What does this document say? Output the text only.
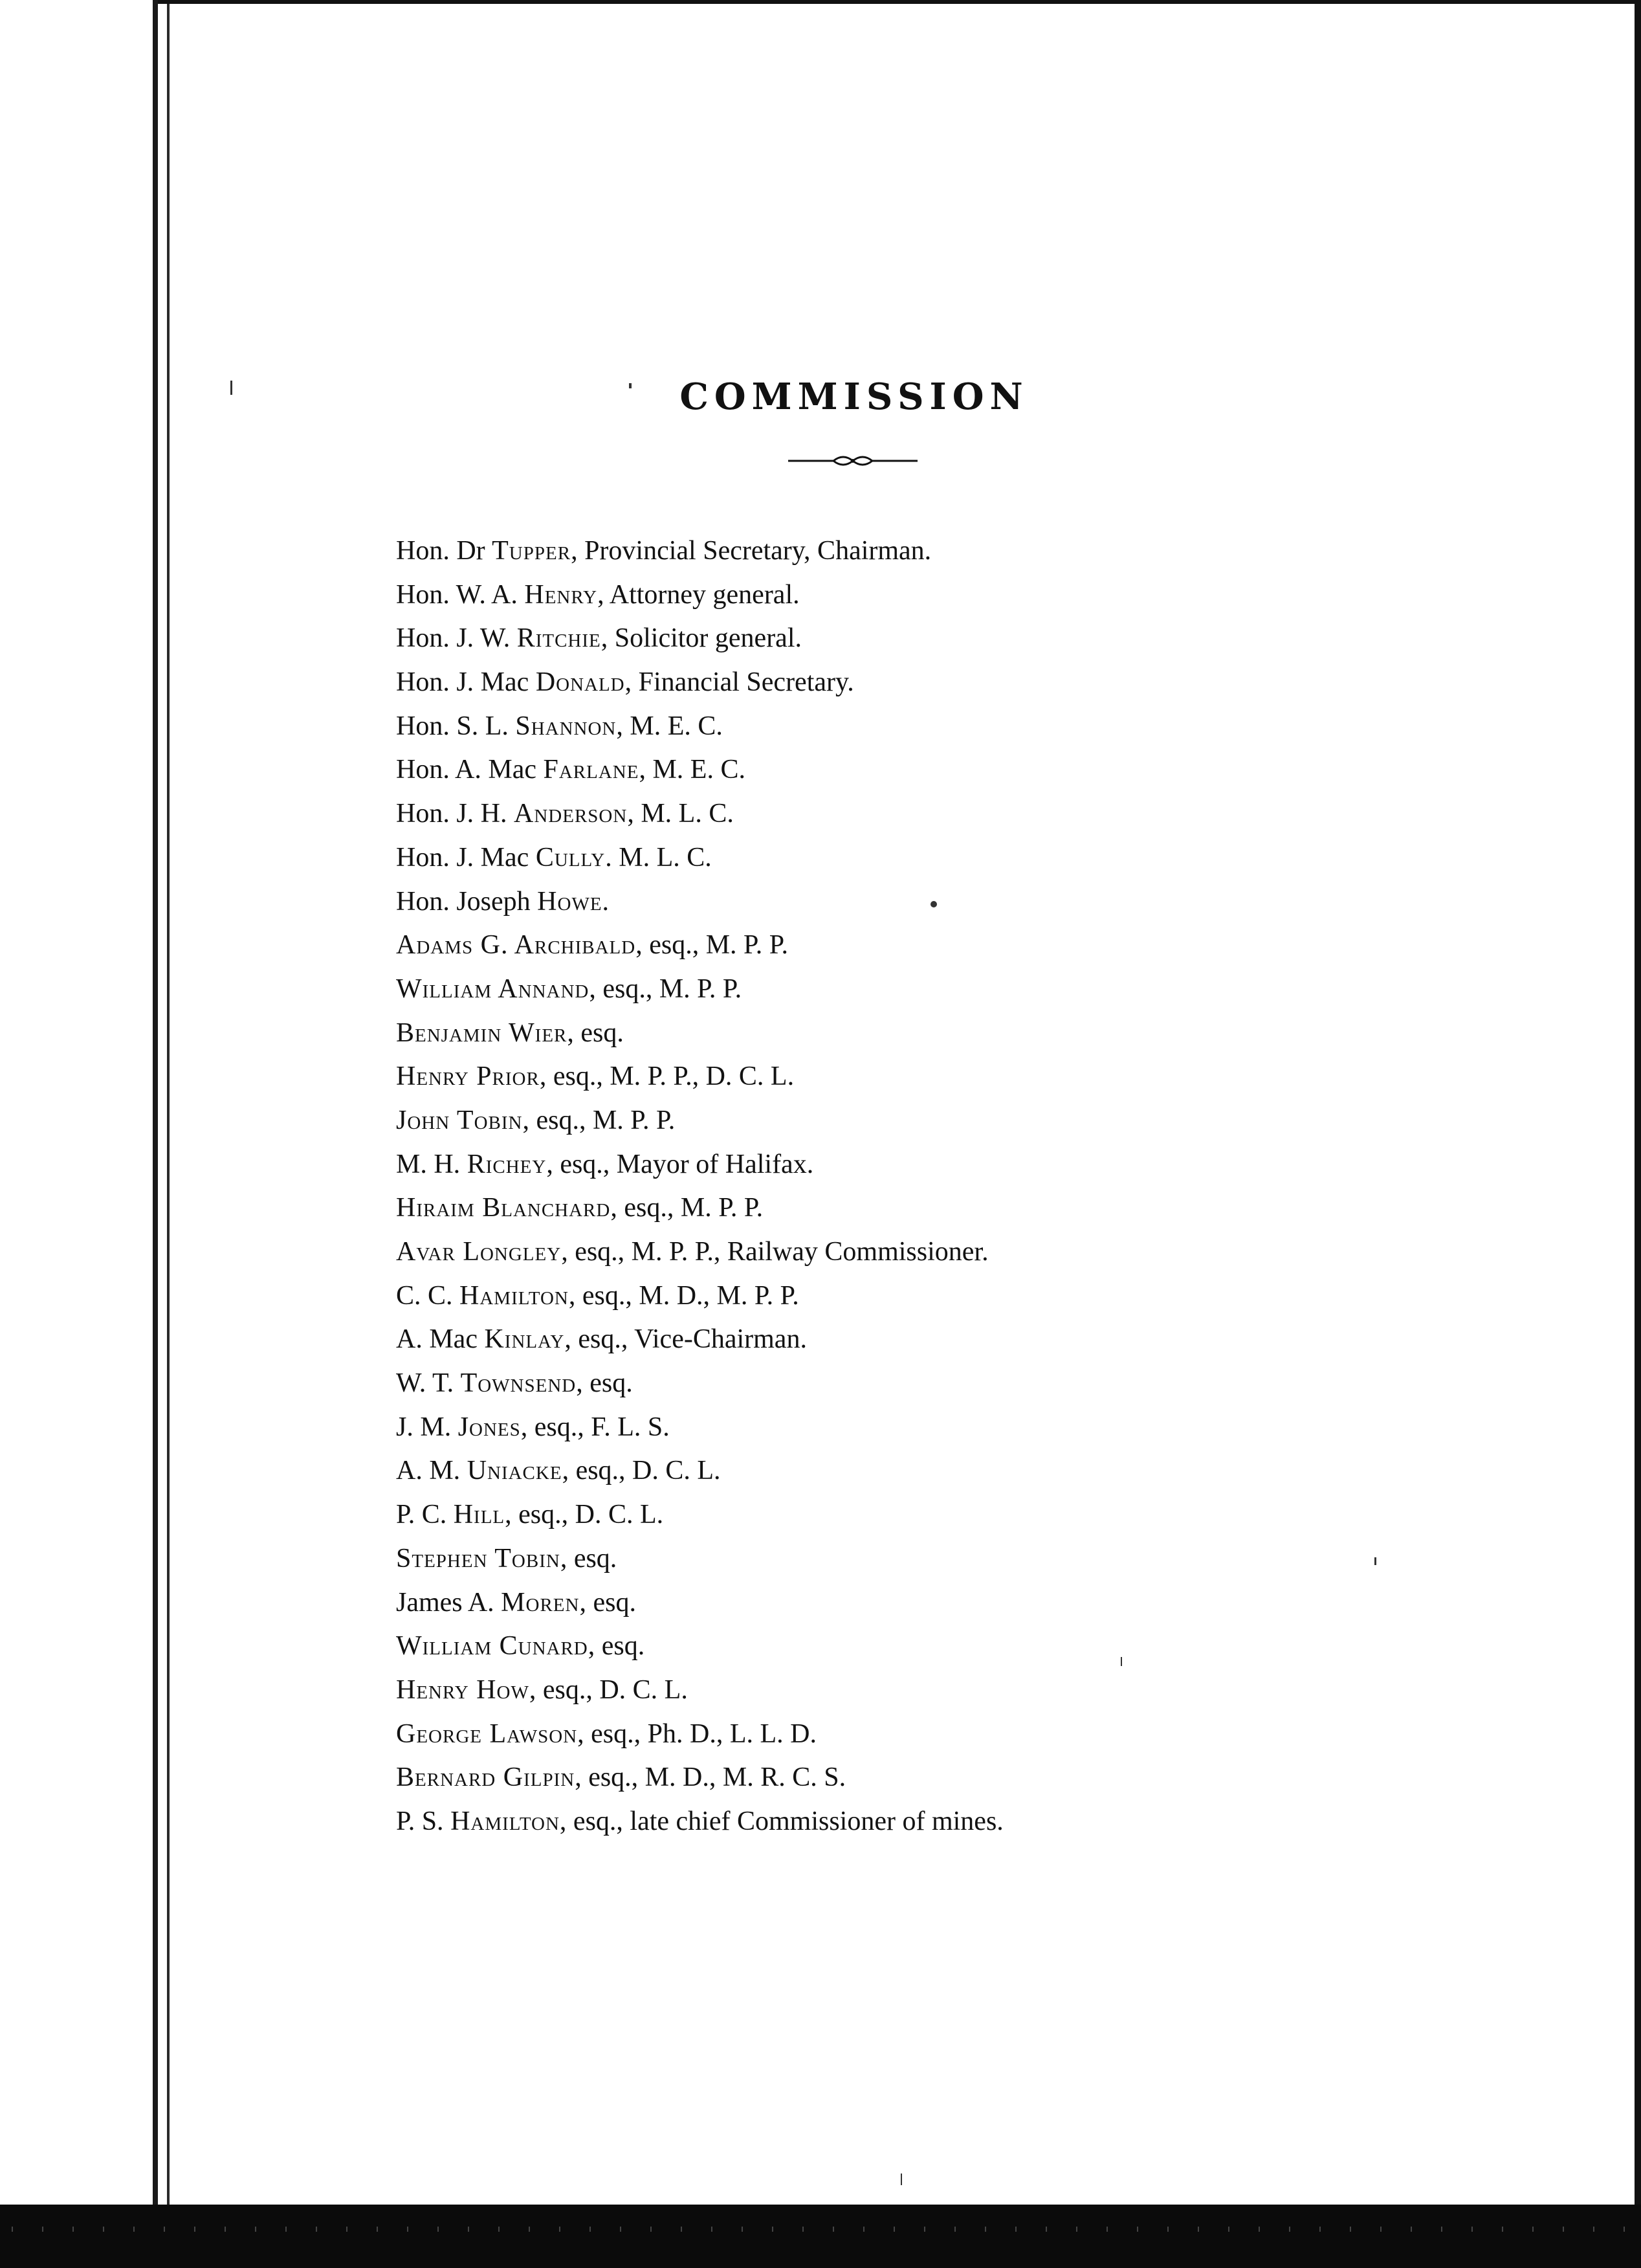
COMMISSION
Hon. Dr Tupper, Provincial Secretary, Chairman.
Hon. W. A. Henry, Attorney general.
Hon. J. W. Ritchie, Solicitor general.
Hon. J. Mac Donald, Financial Secretary.
Hon. S. L. Shannon, M. E. C.
Hon. A. Mac Farlane, M. E. C.
Hon. J. H. Anderson, M. L. C.
Hon. J. Mac Cully. M. L. C.
Hon. Joseph Howe.
Adams G. Archibald, esq., M. P. P.
William Annand, esq., M. P. P.
Benjamin Wier, esq.
Henry Prior, esq., M. P. P., D. C. L.
John Tobin, esq., M. P. P.
M. H. Richey, esq., Mayor of Halifax.
Hiraim Blanchard, esq., M. P. P.
Avar Longley, esq., M. P. P., Railway Commissioner.
C. C. Hamilton, esq., M. D., M. P. P.
A. Mac Kinlay, esq., Vice-Chairman.
W. T. Townsend, esq.
J. M. Jones, esq., F. L. S.
A. M. Uniacke, esq., D. C. L.
P. C. Hill, esq., D. C. L.
Stephen Tobin, esq.
James A. Moren, esq.
William Cunard, esq.
Henry How, esq., D. C. L.
George Lawson, esq., Ph. D., L. L. D.
Bernard Gilpin, esq., M. D., M. R. C. S.
P. S. Hamilton, esq., late chief Commissioner of mines.
